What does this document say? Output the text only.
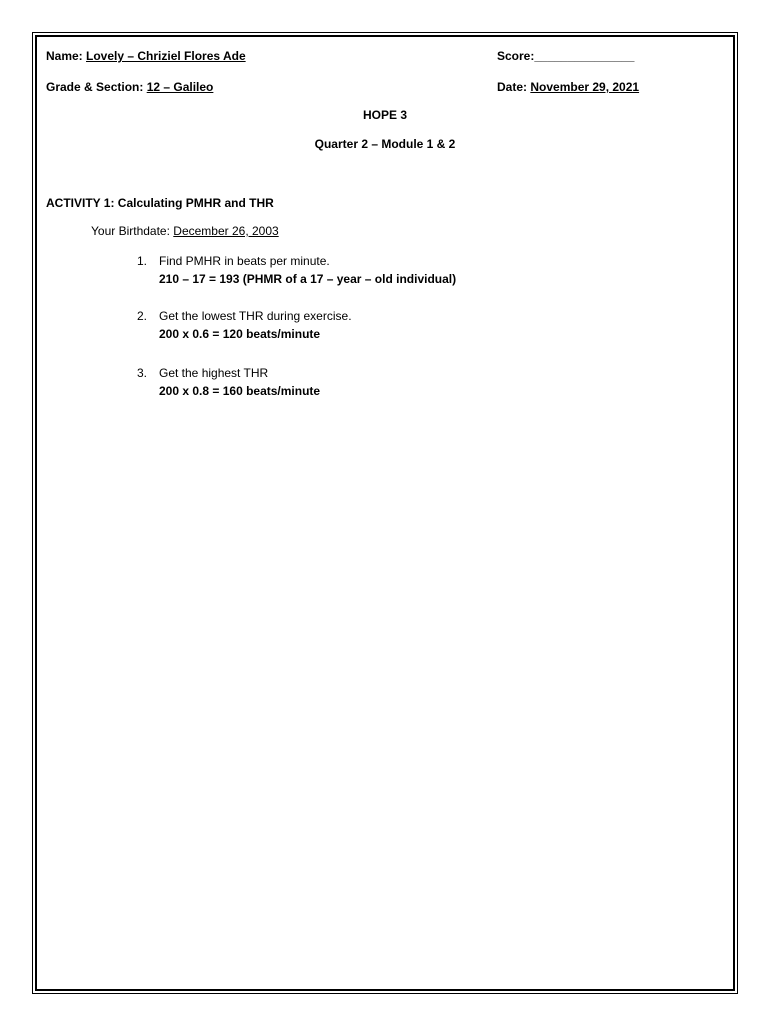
Name: Lovely – Chriziel Flores Ade	Score:_______________
Grade & Section: 12 – Galileo	Date: November 29, 2021
HOPE 3
Quarter 2 – Module 1 & 2
ACTIVITY 1: Calculating PMHR and THR
Your Birthdate: December 26, 2003
1. Find PMHR in beats per minute.
210 – 17 = 193 (PHMR of a 17 – year – old individual)
2. Get the lowest THR during exercise.
200 x 0.6 = 120 beats/minute
3. Get the highest THR
200 x 0.8 = 160 beats/minute
